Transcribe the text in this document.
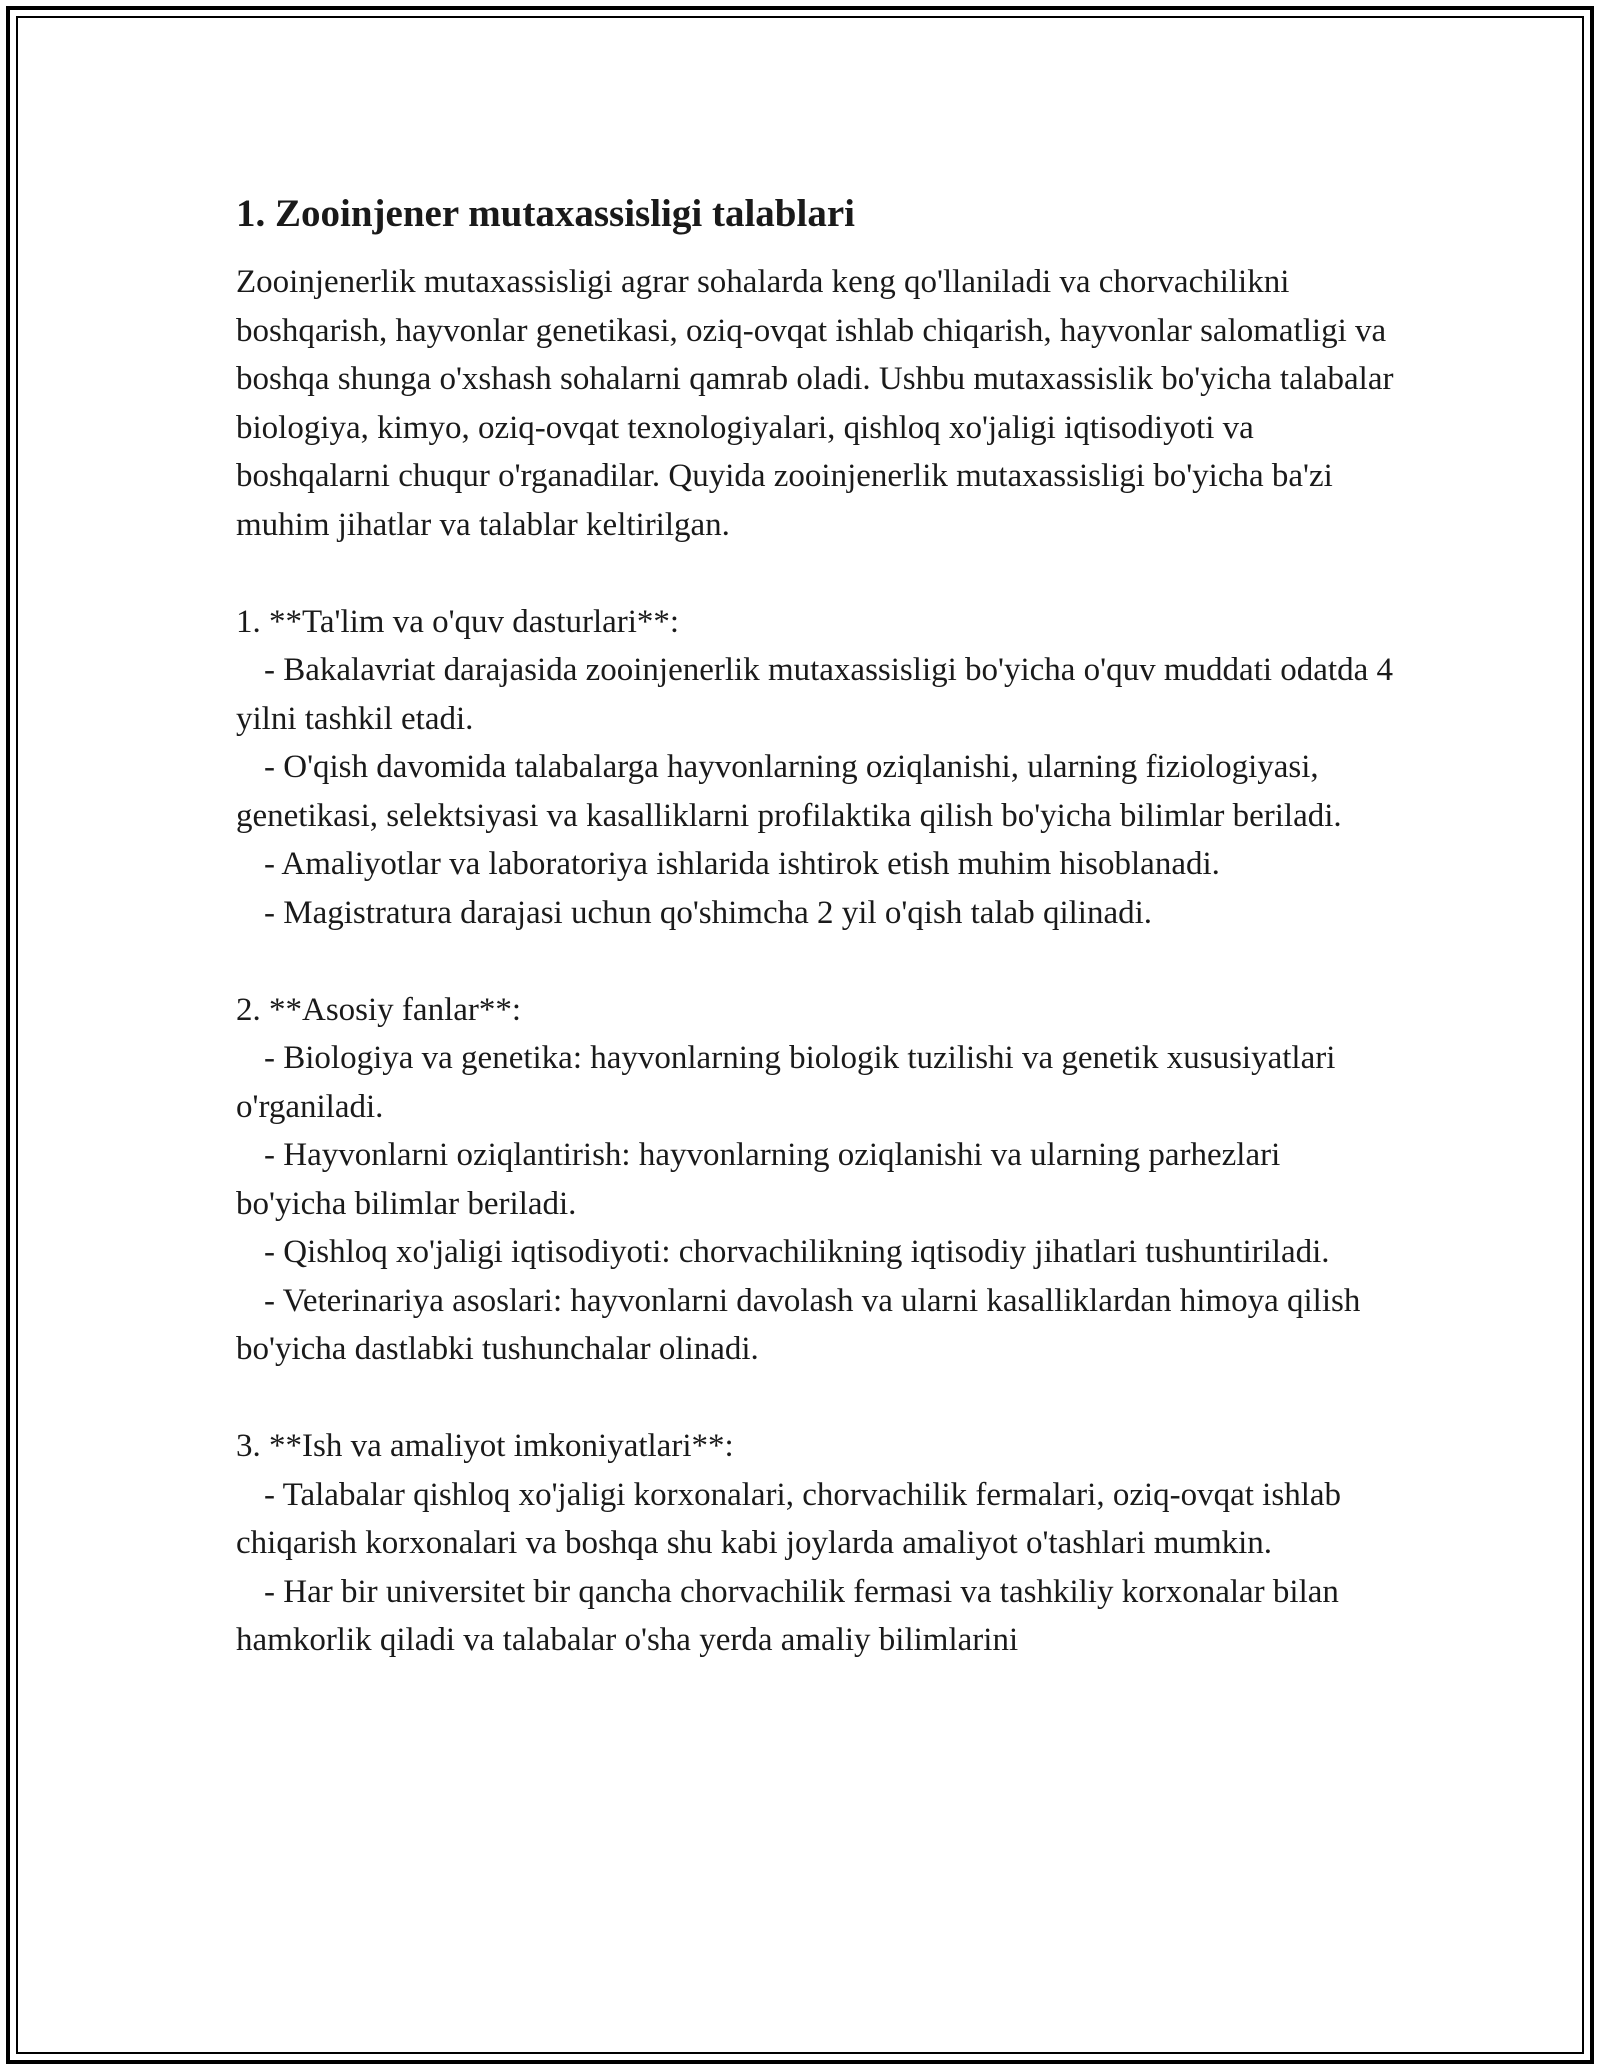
1. Zooinjener mutaxassisligi talablari

Zooinjenerlik mutaxassisligi agrar sohalarda keng qo'llaniladi va chorvachilikni boshqarish, hayvonlar genetikasi, oziq-ovqat ishlab chiqarish, hayvonlar salomatligi va boshqa shunga o'xshash sohalarni qamrab oladi. Ushbu mutaxassislik bo'yicha talabalar biologiya, kimyo, oziq-ovqat texnologiyalari, qishloq xo'jaligi iqtisodiyoti va boshqalarni chuqur o'rganadilar. Quyida zooinjenerlik mutaxassisligi bo'yicha ba'zi muhim jihatlar va talablar keltirilgan.

1. **Ta'lim va o'quv dasturlari**:

- Bakalavriat darajasida zooinjenerlik mutaxassisligi bo'yicha o'quv muddati odatda 4 yilni tashkil etadi.

- O'qish davomida talabalarga hayvonlarning oziqlanishi, ularning fiziologiyasi, genetikasi, selektsiyasi va kasalliklarni profilaktika qilish bo'yicha bilimlar beriladi.

- Amaliyotlar va laboratoriya ishlarida ishtirok etish muhim hisoblanadi.

- Magistratura darajasi uchun qo'shimcha 2 yil o'qish talab qilinadi.

2. **Asosiy fanlar**:

- Biologiya va genetika: hayvonlarning biologik tuzilishi va genetik xususiyatlari o'rganiladi.

- Hayvonlarni oziqlantirish: hayvonlarning oziqlanishi va ularning parhezlari bo'yicha bilimlar beriladi.

- Qishloq xo'jaligi iqtisodiyoti: chorvachilikning iqtisodiy jihatlari tushuntiriladi.

- Veterinariya asoslari: hayvonlarni davolash va ularni kasalliklardan himoya qilish bo'yicha dastlabki tushunchalar olinadi.

3. **Ish va amaliyot imkoniyatlari**:

- Talabalar qishloq xo'jaligi korxonalari, chorvachilik fermalari, oziq-ovqat ishlab chiqarish korxonalari va boshqa shu kabi joylarda amaliyot o'tashlari mumkin.

- Har bir universitet bir qancha chorvachilik fermasi va tashkiliy korxonalar bilan hamkorlik qiladi va talabalar o'sha yerda amaliy bilimlarini
